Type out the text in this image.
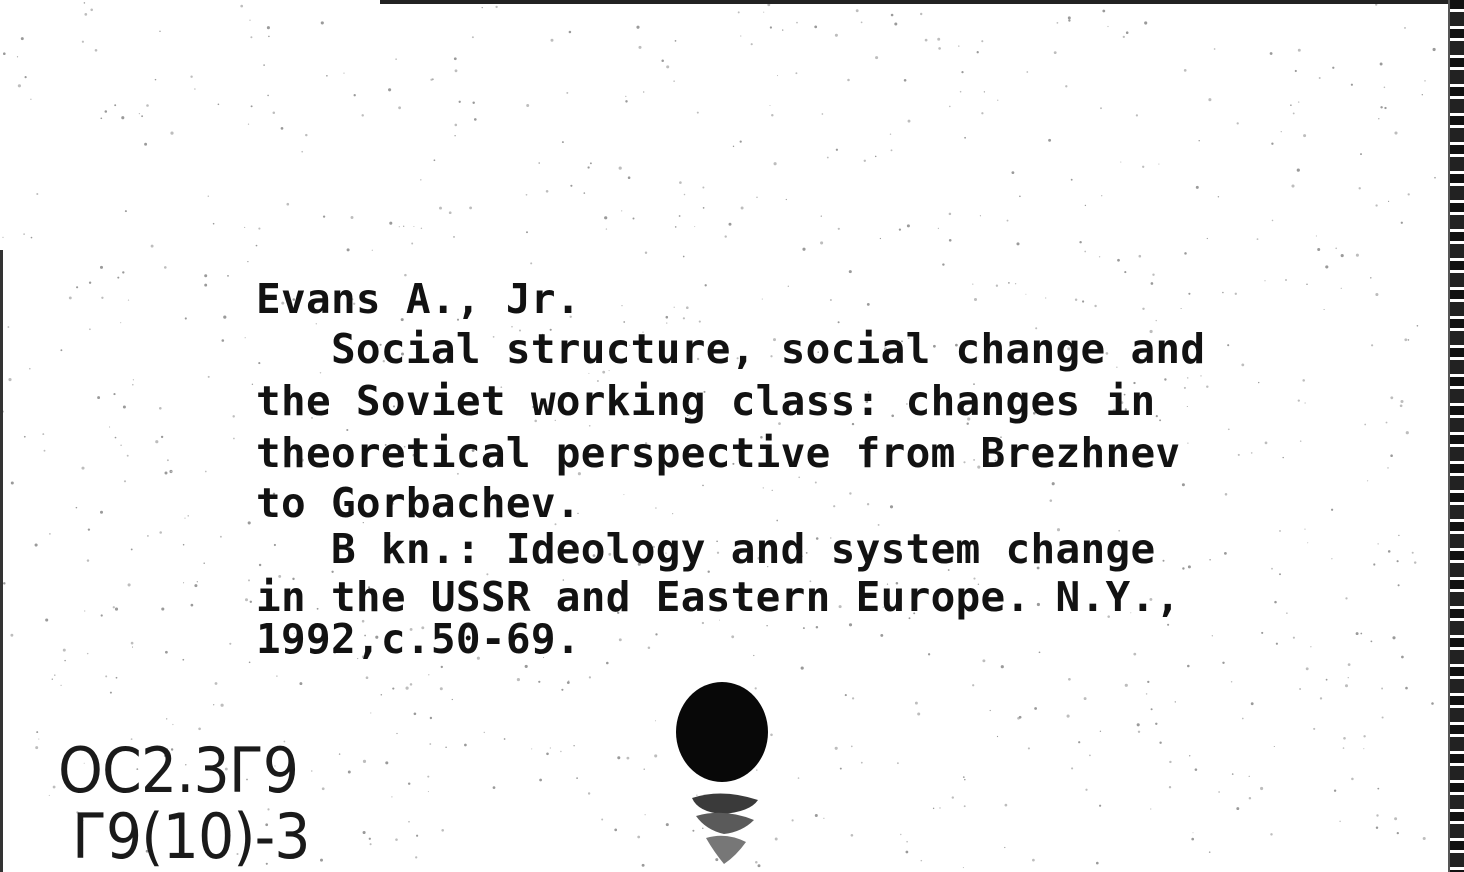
Evans A., Jr.

Social structure, social change and

the Soviet working class: changes in

theoretical perspective from Brezhnev

to Gorbachev.

B kn.: Ideology and system change

in the USSR and Eastern Europe. N.Y.,

1992,c.50-69.

OC2.3Г9

Г9(10)-3
